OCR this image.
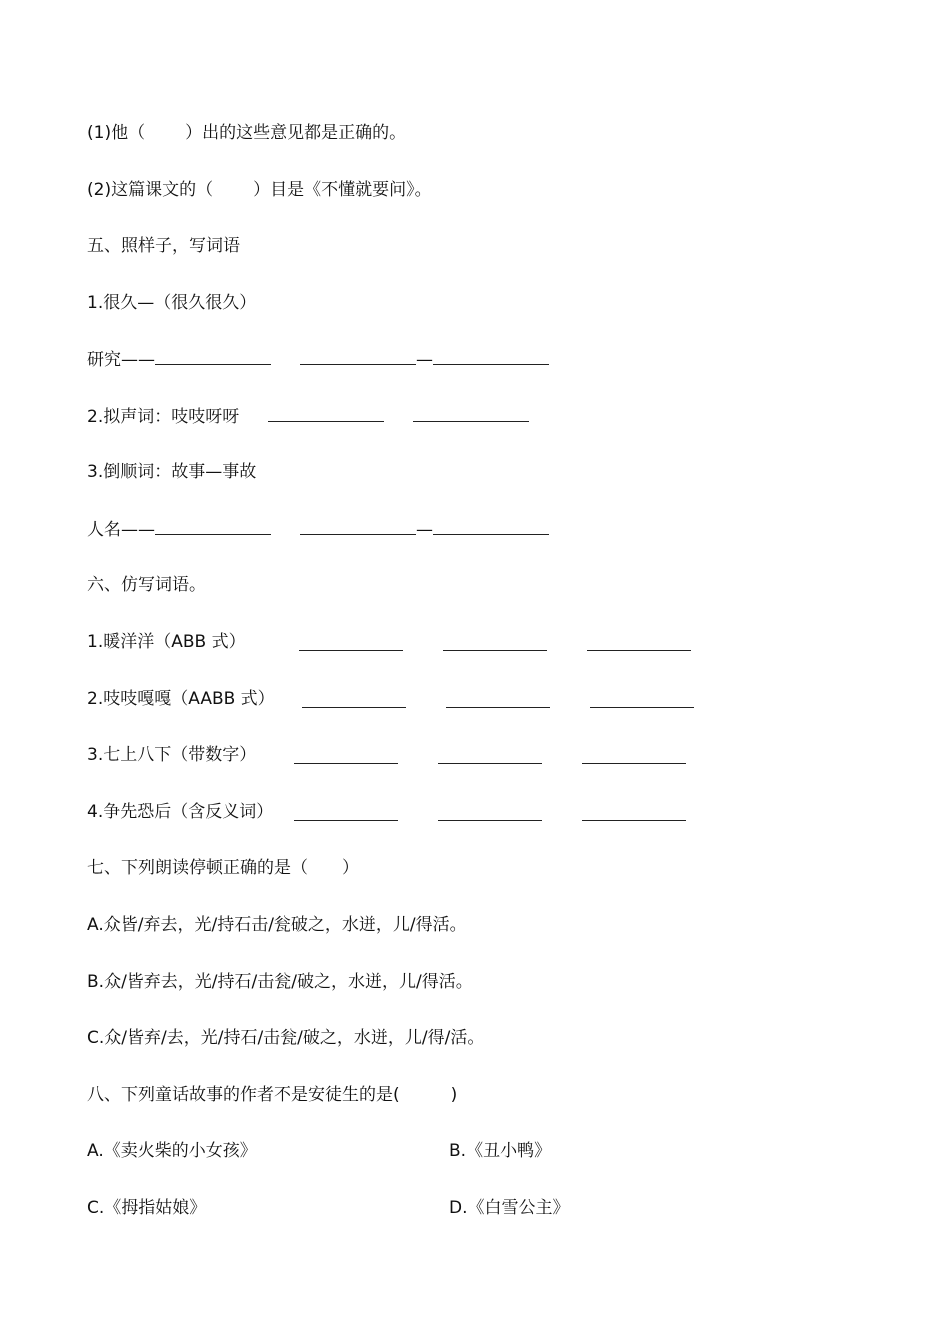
(1)他（ ）出的这些意见都是正确的。
(2)这篇课文的（ ）目是《不懂就要问》。
五、照样子，写词语
1.很久—（很久很久）
研究——	—
2.拟声词：吱吱呀呀
3.倒顺词：故事—事故
人名——	—
六、仿写词语。
1.暖洋洋（ABB 式）
2.吱吱嘎嘎（AABB 式）
3.七上八下（带数字）
4.争先恐后（含反义词）
七、下列朗读停顿正确的是（　　）
A.众皆/弃去，光/持石击/瓮破之，水迸，儿/得活。
B.众/皆弃去，光/持石/击瓮/破之，水迸，儿/得活。
C.众/皆弃/去，光/持石/击瓮/破之，水迸，儿/得/活。
八、下列童话故事的作者不是安徒生的是(　　　)
A.《卖火柴的小女孩》	B.《丑小鸭》
C.《拇指姑娘》	D.《白雪公主》
